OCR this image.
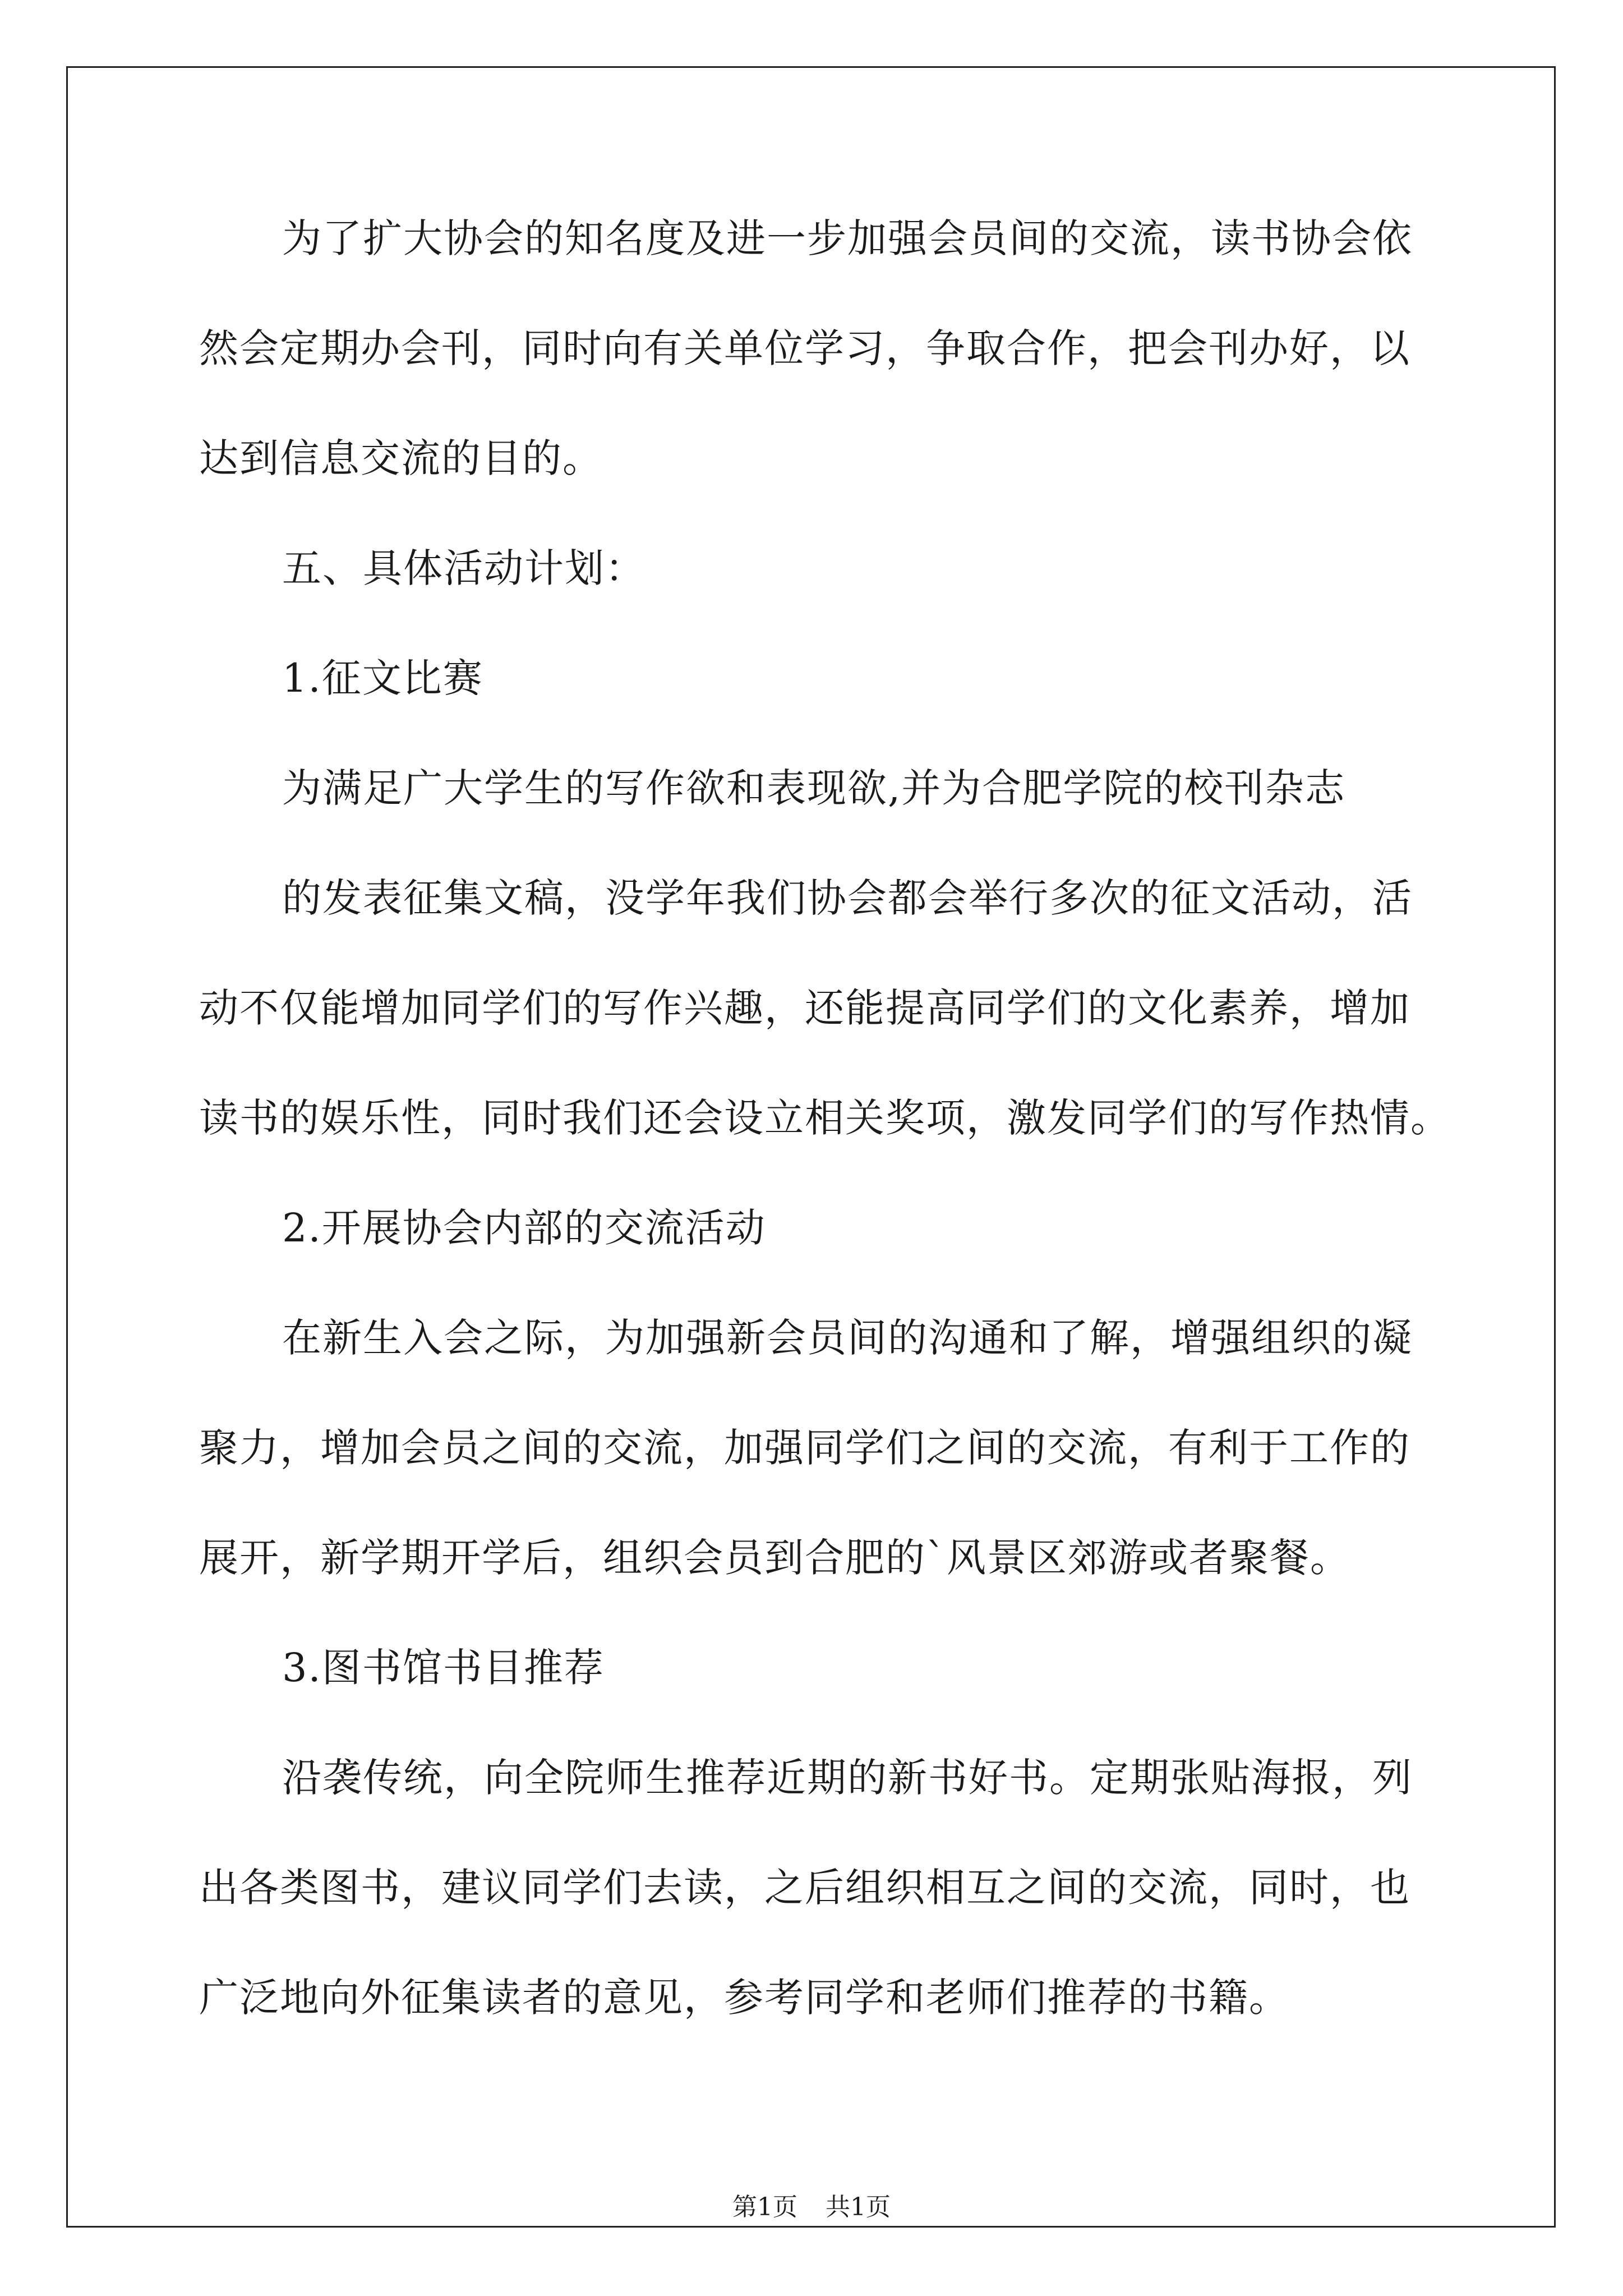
为了扩大协会的知名度及进一步加强会员间的交流，读书协会依
然会定期办会刊，同时向有关单位学习，争取合作，把会刊办好，以
达到信息交流的目的。
五、具体活动计划：
1.征文比赛
为满足广大学生的写作欲和表现欲,并为合肥学院的校刊杂志
的发表征集文稿，没学年我们协会都会举行多次的征文活动，活
动不仅能增加同学们的写作兴趣，还能提高同学们的文化素养，增加
读书的娱乐性，同时我们还会设立相关奖项，激发同学们的写作热情。
2.开展协会内部的交流活动
在新生入会之际，为加强新会员间的沟通和了解，增强组织的凝
聚力，增加会员之间的交流，加强同学们之间的交流，有利于工作的
展开，新学期开学后，组织会员到合肥的`风景区郊游或者聚餐。
3.图书馆书目推荐
沿袭传统，向全院师生推荐近期的新书好书。定期张贴海报，列
出各类图书，建议同学们去读，之后组织相互之间的交流，同时，也
广泛地向外征集读者的意见，参考同学和老师们推荐的书籍。
第1页 共1页
